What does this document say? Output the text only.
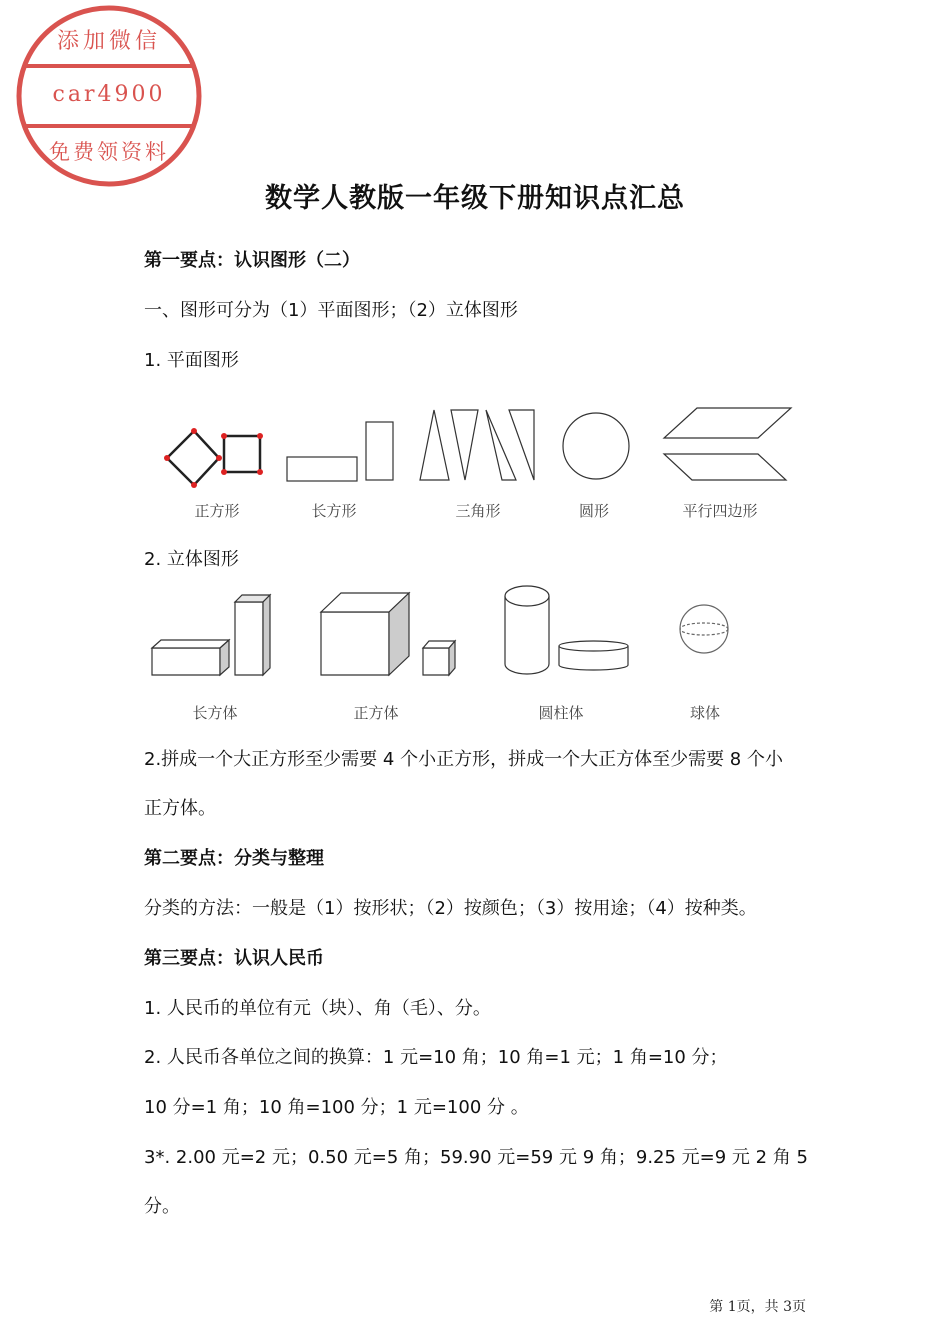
添加微信
car4900
免费领资料
数学人教版一年级下册知识点汇总
第一要点：认识图形（二）
一、图形可分为（1）平面图形；（2）立体图形
1. 平面图形
正方形	长方形	三角形	圆形	平行四边形
2. 立体图形
长方体	正方体	圆柱体	球体
2.拼成一个大正方形至少需要 4 个小正方形，拼成一个大正方体至少需要 8 个小
正方体。
第二要点：分类与整理
分类的方法：一般是（1）按形状；（2）按颜色；（3）按用途；（4）按种类。
第三要点：认识人民币
1. 人民币的单位有元（块）、角（毛）、分。
2. 人民币各单位之间的换算：1 元=10 角；10 角=1 元；1 角=10 分；
10 分=1 角；10 角=100 分；1 元=100 分 。
3*. 2.00 元=2 元；0.50 元=5 角；59.90 元=59 元 9 角；9.25 元=9 元 2 角 5
分。
第 1页，共 3页
